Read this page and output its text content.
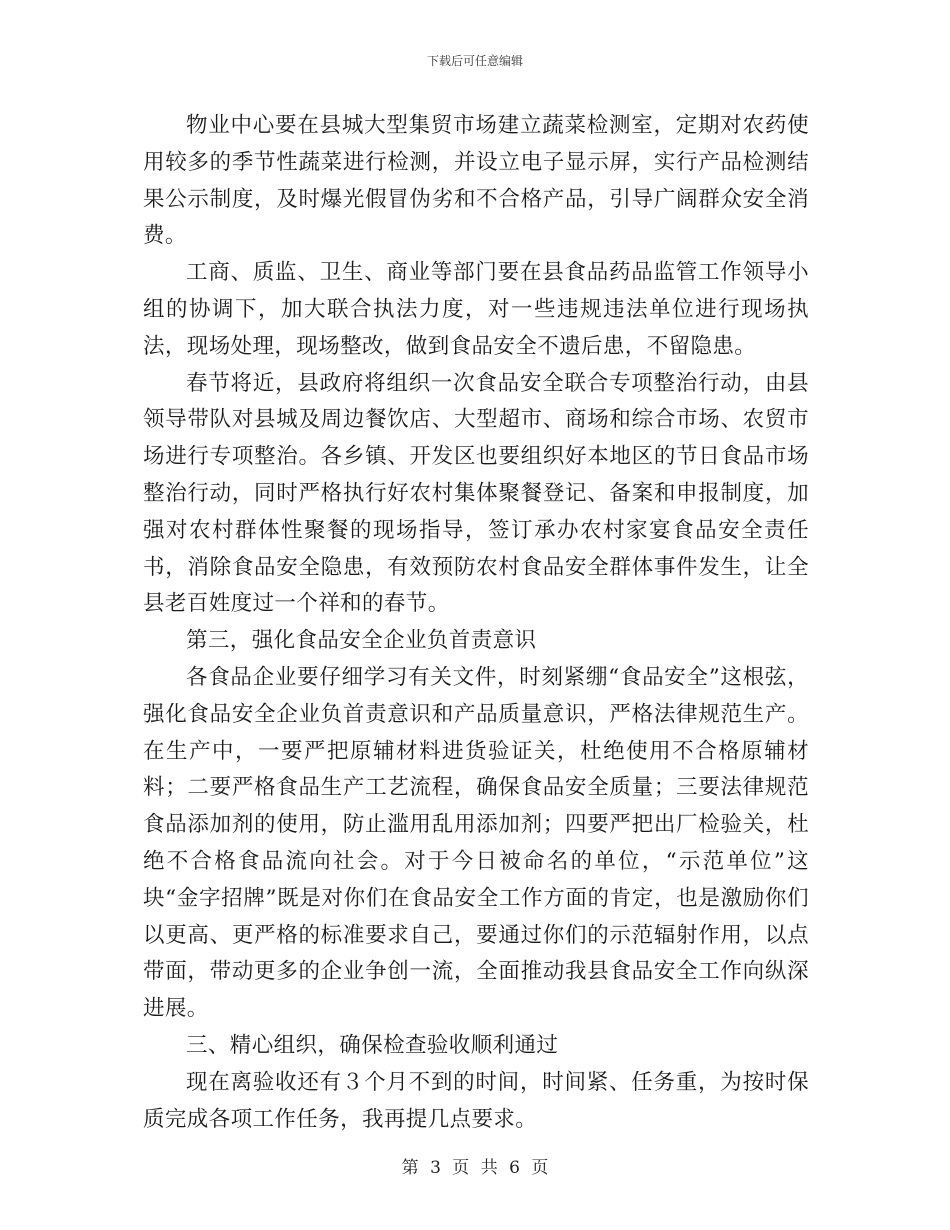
下载后可任意编辑

物业中心要在县城大型集贸市场建立蔬菜检测室，定期对农药使用较多的季节性蔬菜进行检测，并设立电子显示屏，实行产品检测结果公示制度，及时爆光假冒伪劣和不合格产品，引导广阔群众安全消费。

工商、质监、卫生、商业等部门要在县食品药品监管工作领导小组的协调下，加大联合执法力度，对一些违规违法单位进行现场执法，现场处理，现场整改，做到食品安全不遗后患，不留隐患。

春节将近，县政府将组织一次食品安全联合专项整治行动，由县领导带队对县城及周边餐饮店、大型超市、商场和综合市场、农贸市场进行专项整治。各乡镇、开发区也要组织好本地区的节日食品市场整治行动，同时严格执行好农村集体聚餐登记、备案和申报制度，加强对农村群体性聚餐的现场指导，签订承办农村家宴食品安全责任书，消除食品安全隐患，有效预防农村食品安全群体事件发生，让全县老百姓度过一个祥和的春节。

第三，强化食品安全企业负首责意识

各食品企业要仔细学习有关文件，时刻紧绷“食品安全”这根弦，强化食品安全企业负首责意识和产品质量意识，严格法律规范生产。在生产中，一要严把原辅材料进货验证关，杜绝使用不合格原辅材料；二要严格食品生产工艺流程，确保食品安全质量；三要法律规范食品添加剂的使用，防止滥用乱用添加剂；四要严把出厂检验关，杜绝不合格食品流向社会。对于今日被命名的单位，“示范单位”这块“金字招牌”既是对你们在食品安全工作方面的肯定，也是激励你们以更高、更严格的标准要求自己，要通过你们的示范辐射作用，以点带面，带动更多的企业争创一流，全面推动我县食品安全工作向纵深进展。

三、精心组织，确保检查验收顺利通过

现在离验收还有３个月不到的时间，时间紧、任务重，为按时保质完成各项工作任务，我再提几点要求。

第 3 页 共 6 页
